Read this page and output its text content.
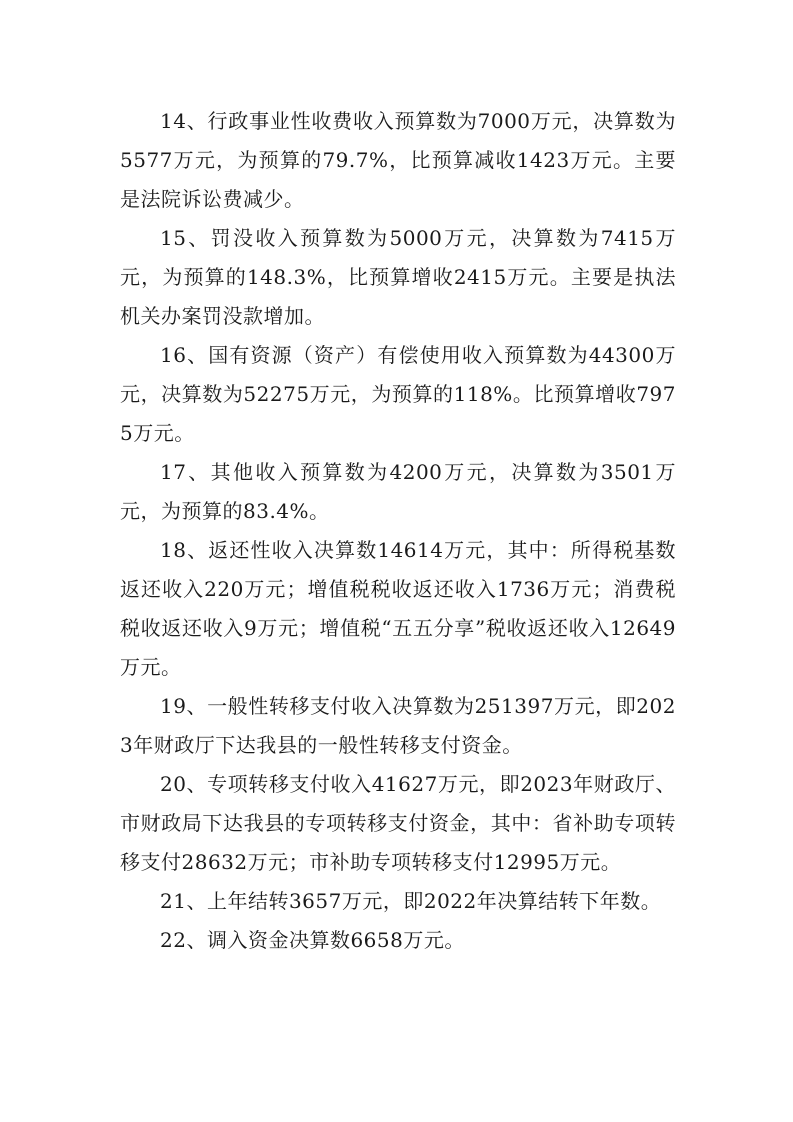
14、行政事业性收费收入预算数为7000万元，决算数为5577万元，为预算的79.7%，比预算减收1423万元。主要是法院诉讼费减少。

15、罚没收入预算数为5000万元，决算数为7415万元，为预算的148.3%，比预算增收2415万元。主要是执法机关办案罚没款增加。

16、国有资源（资产）有偿使用收入预算数为44300万元，决算数为52275万元，为预算的118%。比预算增收7975万元。

17、其他收入预算数为4200万元，决算数为3501万元，为预算的83.4%。

18、返还性收入决算数14614万元，其中：所得税基数返还收入220万元；增值税税收返还收入1736万元；消费税税收返还收入9万元；增值税“五五分享”税收返还收入12649万元。

19、一般性转移支付收入决算数为251397万元，即2023年财政厅下达我县的一般性转移支付资金。

20、专项转移支付收入41627万元，即2023年财政厅、市财政局下达我县的专项转移支付资金，其中：省补助专项转移支付28632万元；市补助专项转移支付12995万元。

21、上年结转3657万元，即2022年决算结转下年数。

22、调入资金决算数6658万元。
